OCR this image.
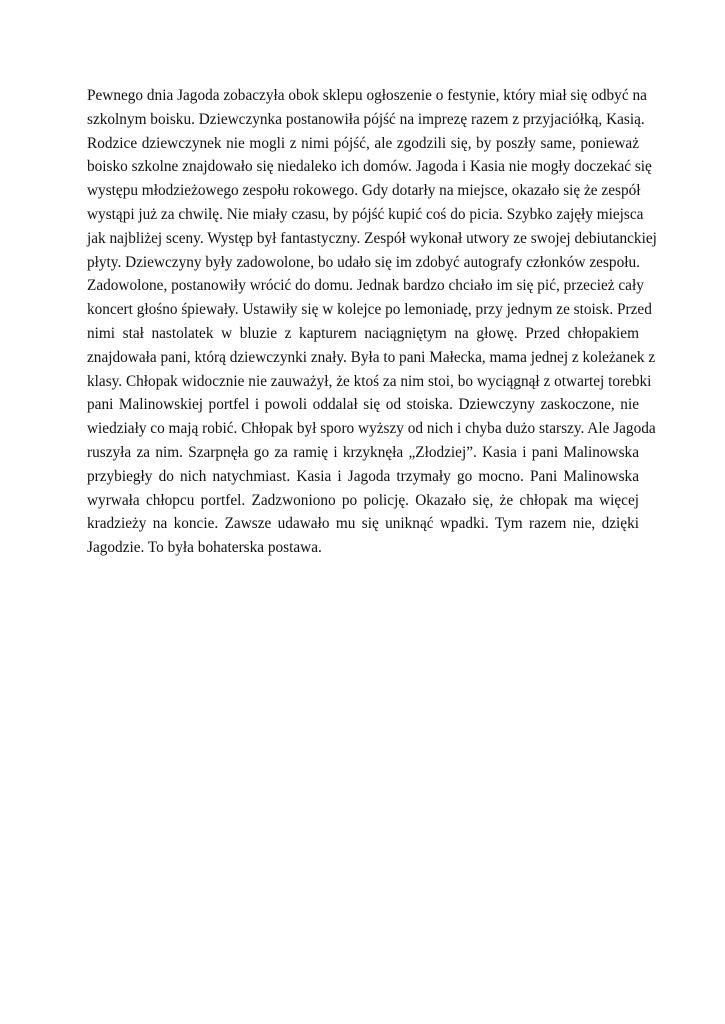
Pewnego dnia Jagoda zobaczyła obok sklepu ogłoszenie o festynie, który miał się odbyć na
szkolnym boisku. Dziewczynka postanowiła pójść na imprezę razem z przyjaciółką, Kasią.
Rodzice dziewczynek nie mogli z nimi pójść, ale zgodzili się, by poszły same, ponieważ
boisko szkolne znajdowało się niedaleko ich domów. Jagoda i Kasia nie mogły doczekać się
występu młodzieżowego zespołu rokowego. Gdy dotarły na miejsce, okazało się że zespół
wystąpi już za chwilę. Nie miały czasu, by pójść kupić coś do picia. Szybko zajęły miejsca
jak najbliżej sceny. Występ był fantastyczny. Zespół wykonał utwory ze swojej debiutanckiej
płyty. Dziewczyny były zadowolone, bo udało się im zdobyć autografy członków zespołu.
Zadowolone, postanowiły wrócić do domu. Jednak bardzo chciało im się pić, przecież cały
koncert głośno śpiewały. Ustawiły się w kolejce po lemoniadę, przy jednym ze stoisk. Przed
nimi stał nastolatek w bluzie z kapturem naciągniętym na głowę. Przed chłopakiem
znajdowała pani, którą dziewczynki znały. Była to pani Małecka, mama jednej z koleżanek z
klasy. Chłopak widocznie nie zauważył, że ktoś za nim stoi, bo wyciągnął z otwartej torebki
pani Malinowskiej portfel i powoli oddalał się od stoiska. Dziewczyny zaskoczone, nie
wiedziały co mają robić. Chłopak był sporo wyższy od nich i chyba dużo starszy. Ale Jagoda
ruszyła za nim. Szarpnęła go za ramię i krzyknęła „Złodziej”. Kasia i pani Malinowska
przybiegły do nich natychmiast. Kasia i Jagoda trzymały go mocno. Pani Malinowska
wyrwała chłopcu portfel. Zadzwoniono po policję. Okazało się, że chłopak ma więcej
kradzieży na koncie. Zawsze udawało mu się uniknąć wpadki. Tym razem nie, dzięki
Jagodzie. To była bohaterska postawa.
